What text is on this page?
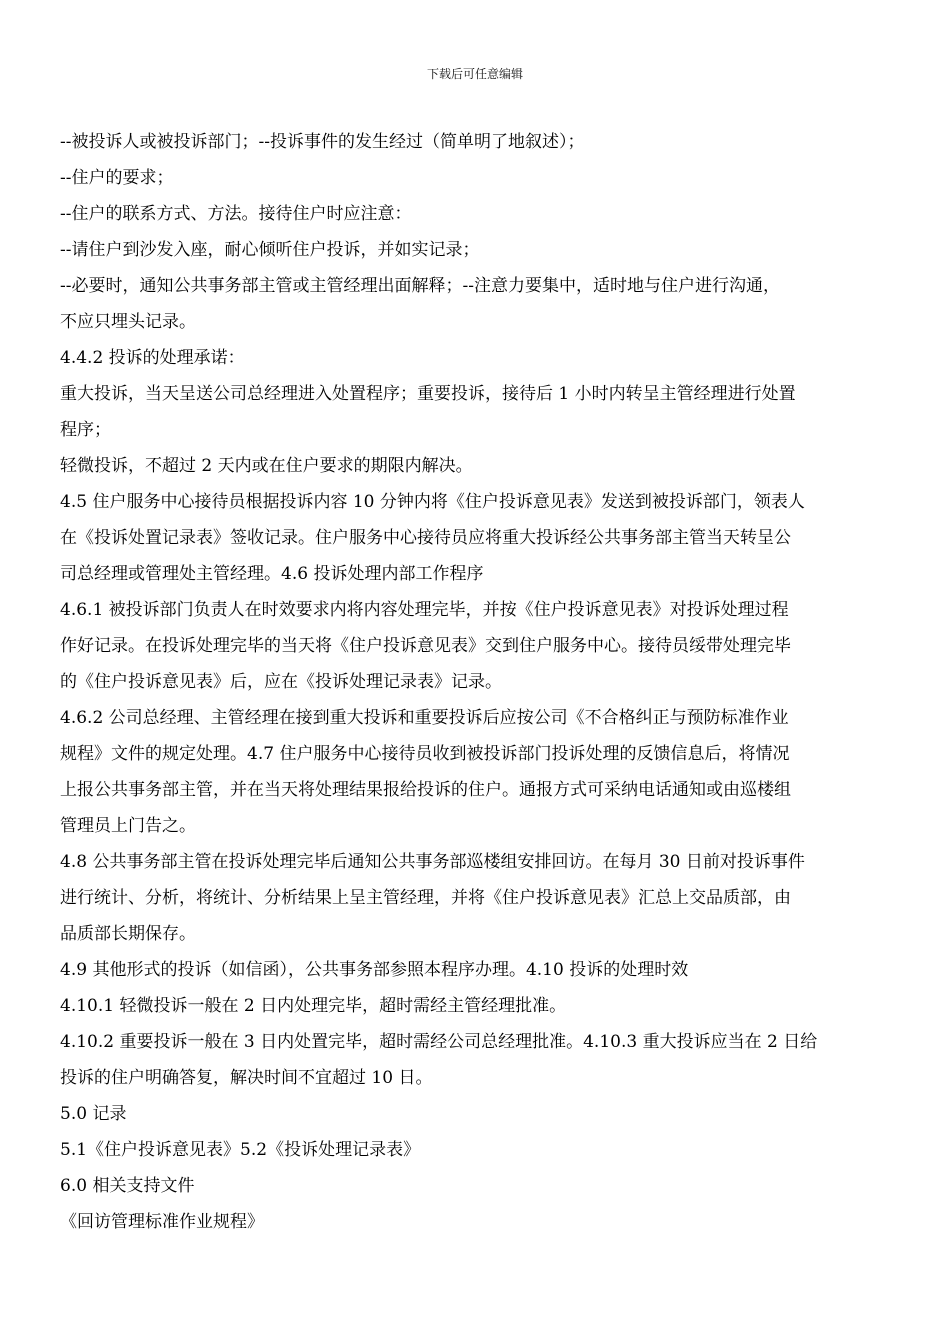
下载后可任意编辑

--被投诉人或被投诉部门；--投诉事件的发生经过（简单明了地叙述）；

--住户的要求；

--住户的联系方式、方法。接待住户时应注意：

--请住户到沙发入座，耐心倾听住户投诉，并如实记录；

--必要时，通知公共事务部主管或主管经理出面解释；--注意力要集中，适时地与住户进行沟通，

不应只埋头记录。

4.4.2 投诉的处理承诺：

重大投诉，当天呈送公司总经理进入处置程序；重要投诉，接待后 1 小时内转呈主管经理进行处置

程序；

轻微投诉，不超过 2 天内或在住户要求的期限内解决。

4.5 住户服务中心接待员根据投诉内容 10 分钟内将《住户投诉意见表》发送到被投诉部门，领表人

在《投诉处置记录表》签收记录。住户服务中心接待员应将重大投诉经公共事务部主管当天转呈公

司总经理或管理处主管经理。4.6 投诉处理内部工作程序

4.6.1 被投诉部门负责人在时效要求内将内容处理完毕，并按《住户投诉意见表》对投诉处理过程

作好记录。在投诉处理完毕的当天将《住户投诉意见表》交到住户服务中心。接待员绥带处理完毕

的《住户投诉意见表》后，应在《投诉处理记录表》记录。

4.6.2 公司总经理、主管经理在接到重大投诉和重要投诉后应按公司《不合格纠正与预防标准作业

规程》文件的规定处理。4.7 住户服务中心接待员收到被投诉部门投诉处理的反馈信息后，将情况

上报公共事务部主管，并在当天将处理结果报给投诉的住户。通报方式可采纳电话通知或由巡楼组

管理员上门告之。

4.8 公共事务部主管在投诉处理完毕后通知公共事务部巡楼组安排回访。在每月 30 日前对投诉事件

进行统计、分析，将统计、分析结果上呈主管经理，并将《住户投诉意见表》汇总上交品质部，由

品质部长期保存。

4.9 其他形式的投诉（如信函），公共事务部参照本程序办理。4.10 投诉的处理时效

4.10.1 轻微投诉一般在 2 日内处理完毕，超时需经主管经理批准。

4.10.2 重要投诉一般在 3 日内处置完毕，超时需经公司总经理批准。4.10.3 重大投诉应当在 2 日给

投诉的住户明确答复，解决时间不宜超过 10 日。

5.0 记录

5.1《住户投诉意见表》5.2《投诉处理记录表》

6.0 相关支持文件

《回访管理标准作业规程》
